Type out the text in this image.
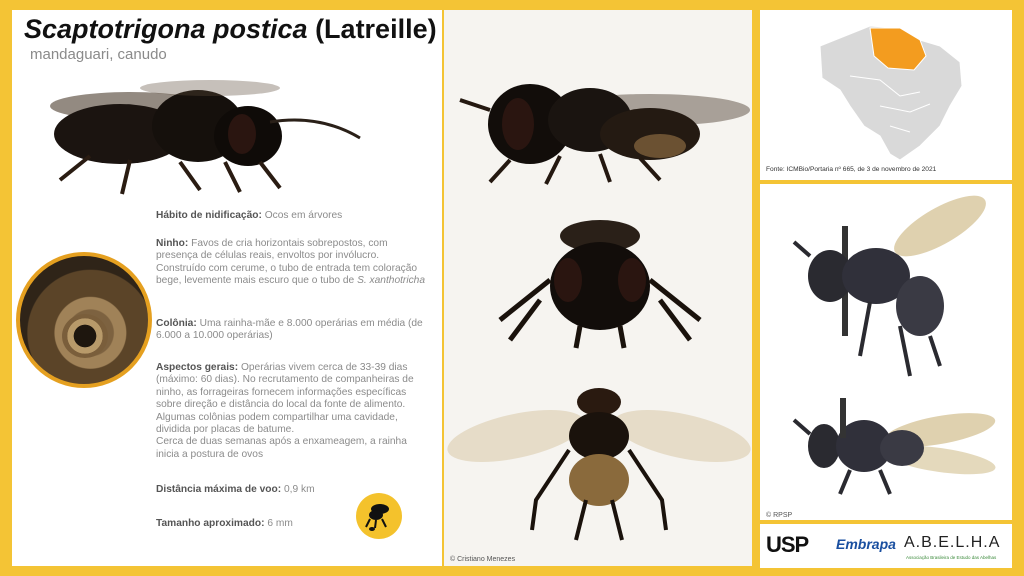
Scaptotrigona postica (Latreille)
mandaguari, canudo
Hábito de nidificação: Ocos em árvores
Ninho: Favos de cria horizontais sobrepostos, com presença de células reais, envoltos por invólucro. Construído com cerume, o tubo de entrada tem coloração bege, levemente mais escuro que o tubo de S. xanthotricha
Colônia: Uma rainha-mãe e 8.000 operárias em média (de 6.000 a 10.000 operárias)
Aspectos gerais: Operárias vivem cerca de 33-39 dias (máximo: 60 dias). No recrutamento de companheiras de ninho, as forrageiras fornecem informações específicas sobre direção e distância do local da fonte de alimento. Algumas colônias podem compartilhar uma cavidade, dividida por placas de batume.
Cerca de duas semanas após a enxameagem, a rainha inicia a postura de ovos
Distância máxima de voo: 0,9 km
Tamanho aproximado: 6 mm
© Cristiano Menezes
Fonte: ICMBio/Portaria nº 665, de 3 de novembro de 2021
© RPSP
USP Embrapa A.B.E.L.H.A
Associação Brasileira de Estudo das Abelhas
